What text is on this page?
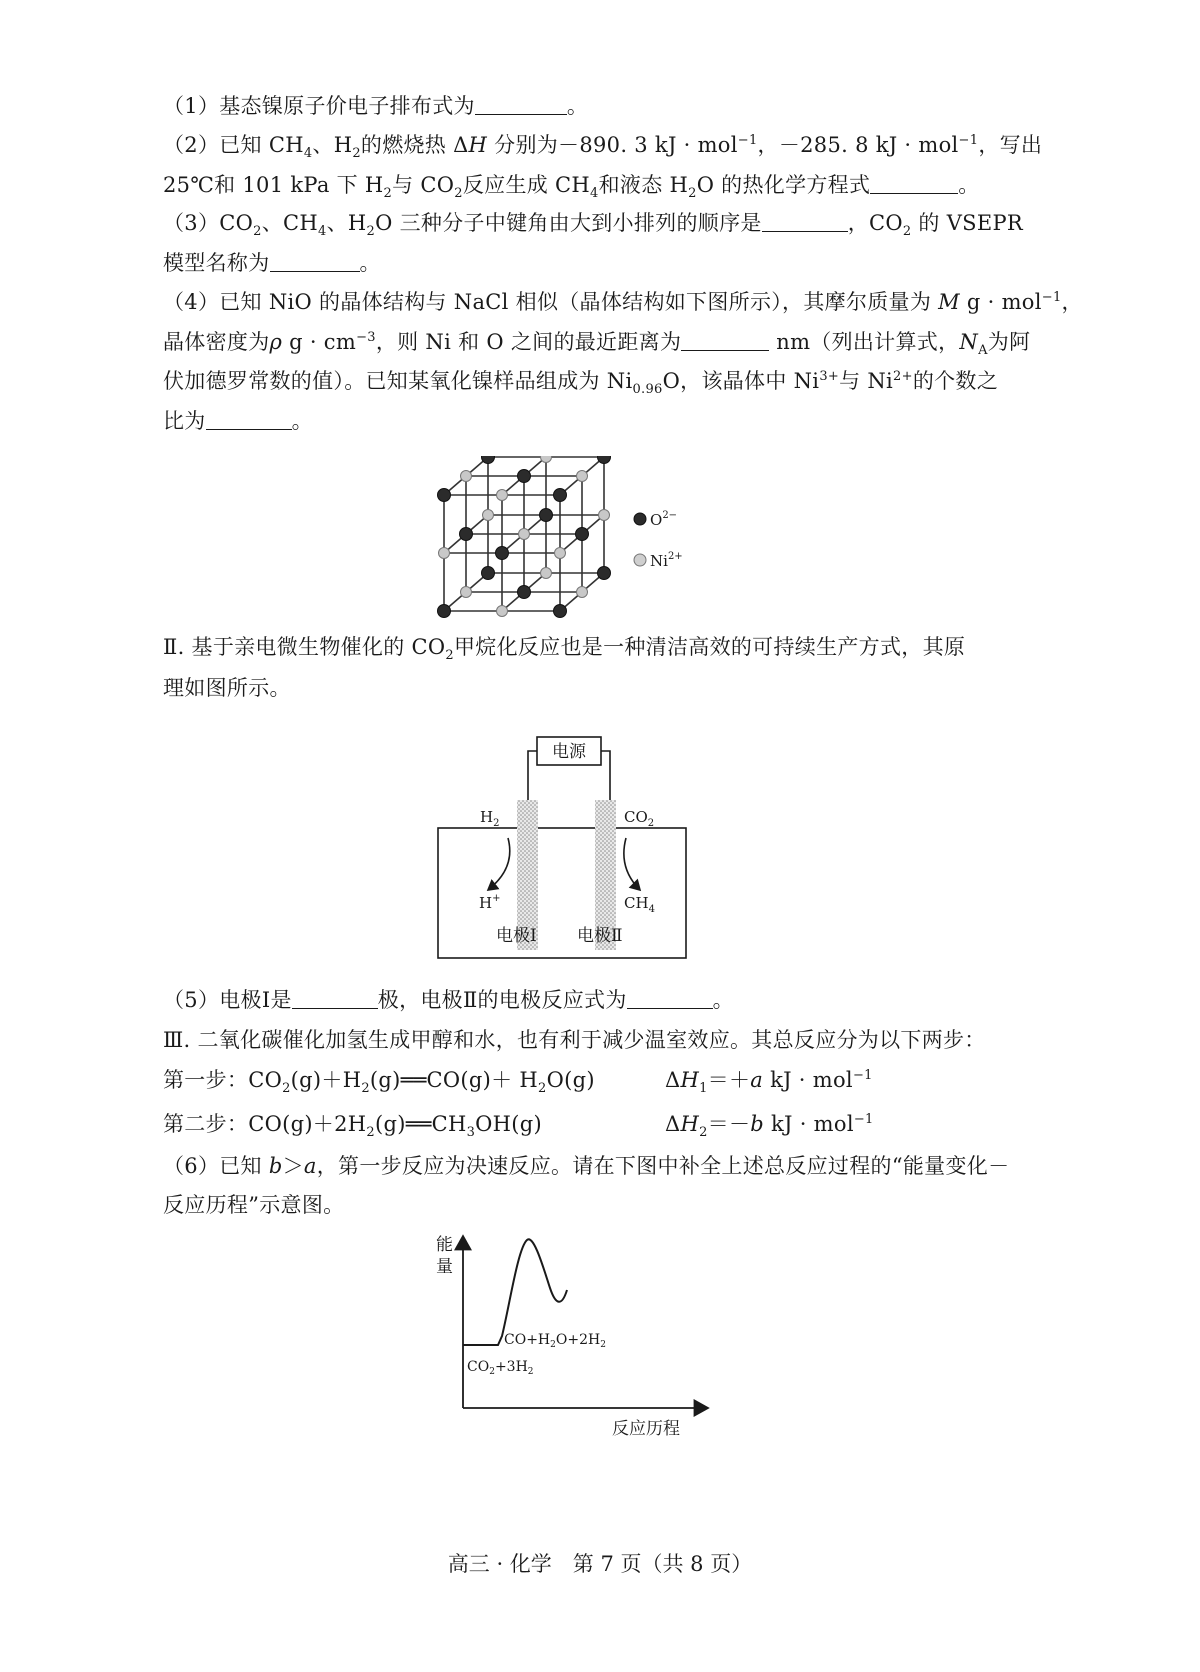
（1）基态镍原子价电子排布式为	。
（2）已知 $CH_4$、$H_2$的燃烧热 ΔH 分别为－890. 3 kJ · mol$^{-1}$，－285. 8 kJ · mol$^{-1}$，写出
25℃和 101 kPa 下 $H_2$与 $CO_2$反应生成 $CH_4$和液态 $H_2O$ 的热化学方程式	。
$(3)CO_2$、$CH_4$、$H_2O$ 三种分子中键角由大到小排列的顺序是	，$CO_2$ 的 VSEPR
模型名称为	。
（4）已知 NiO 的晶体结构与 NaCl 相似（晶体结构如下图所示），其摩尔质量为 M g · mol$^{-1}$，
晶体密度为ρ $g \cdot cm^{-3}$，则 Ni 和 O 之间的最近距离为	nm（列出计算式，$N_A$为阿
伏加德罗常数的值）。已知某氧化镍样品组成为 $Ni_{0.96}O$，该晶体中 $Ni^{3+}$与 $Ni^{2+}$的个数之
比为	。
$O^{2-}$
$Ni^{2+}$
Ⅱ. 基于亲电微生物催化的 $CO_2$甲烷化反应也是一种清洁高效的可持续生产方式，其原
理如图所示。
电源
$H_2$	$CO_2$
H+	$CH_4$
电极Ⅰ 电极Ⅱ
（5）电极Ⅰ是	极，电极Ⅱ的电极反应式为	。
Ⅲ. 二氧化碳催化加氢生成甲醇和水，也有利于减少温室效应。其总反应分为以下两步：
第一步：$CO_2(g)+H_2(g)══CO(g)+ H_2O(g)$	$\Delta H_1=+a$ kJ · mol$^{-1}$
第二步：$CO(g)+2H_2(g)══CH_3OH(g)$	$\Delta H_2=-b$ kJ · mol$^{-1}$
（6）已知 b＞a，第一步反应为决速反应。请在下图中补全上述总反应过程的“能量变化－
反应历程”示意图。
能
量
反应历程
$CO+H_2O+2H_2$
$CO_2+3H_2$
高三 · 化学　第 7 页（共 8 页）
